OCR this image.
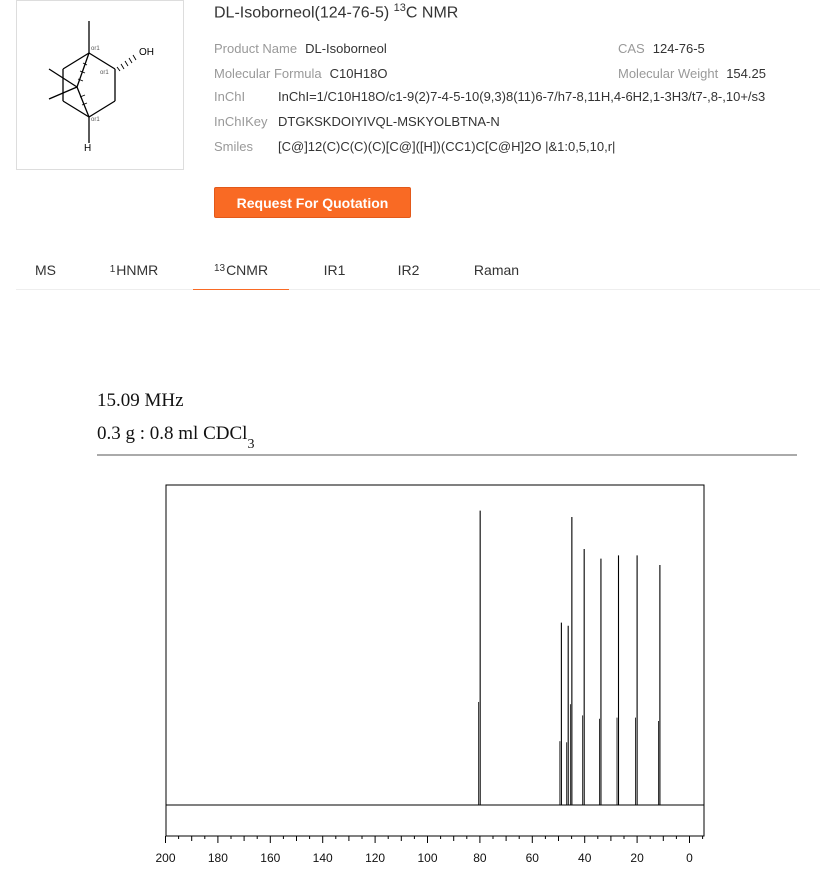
OH
H
or1
or1
or1
DL-Isoborneol(124-76-5) $^{13}$C NMR
Product Name DL-Isoborneol	CAS 124-76-5
Molecular Formula C10H18O	Molecular Weight 154.25
InChI	InChI=1/C10H18O/c1-9(2)7-4-5-10(9,3)8(11)6-7/h7-8,11H,4-6H2,1-3H3/t7-,8-,10+/s3
InChIKey DTGKSKDOIYIVQL-MSKYOLBTNA-N
Smiles [C@]12(C)C(C)(C)[C@]([H])(CC1)C[C@H]2O |&1:0,5,10,r|
Request For Quotation
MS	$^1$ HNMR	$^{13}$ CNMR	IR1	IR2	Raman
15.09 MHz
0.3 g : 0.8 ml CDCl$_3$
200	180	160	140	120	100	80	60	40	20	0
